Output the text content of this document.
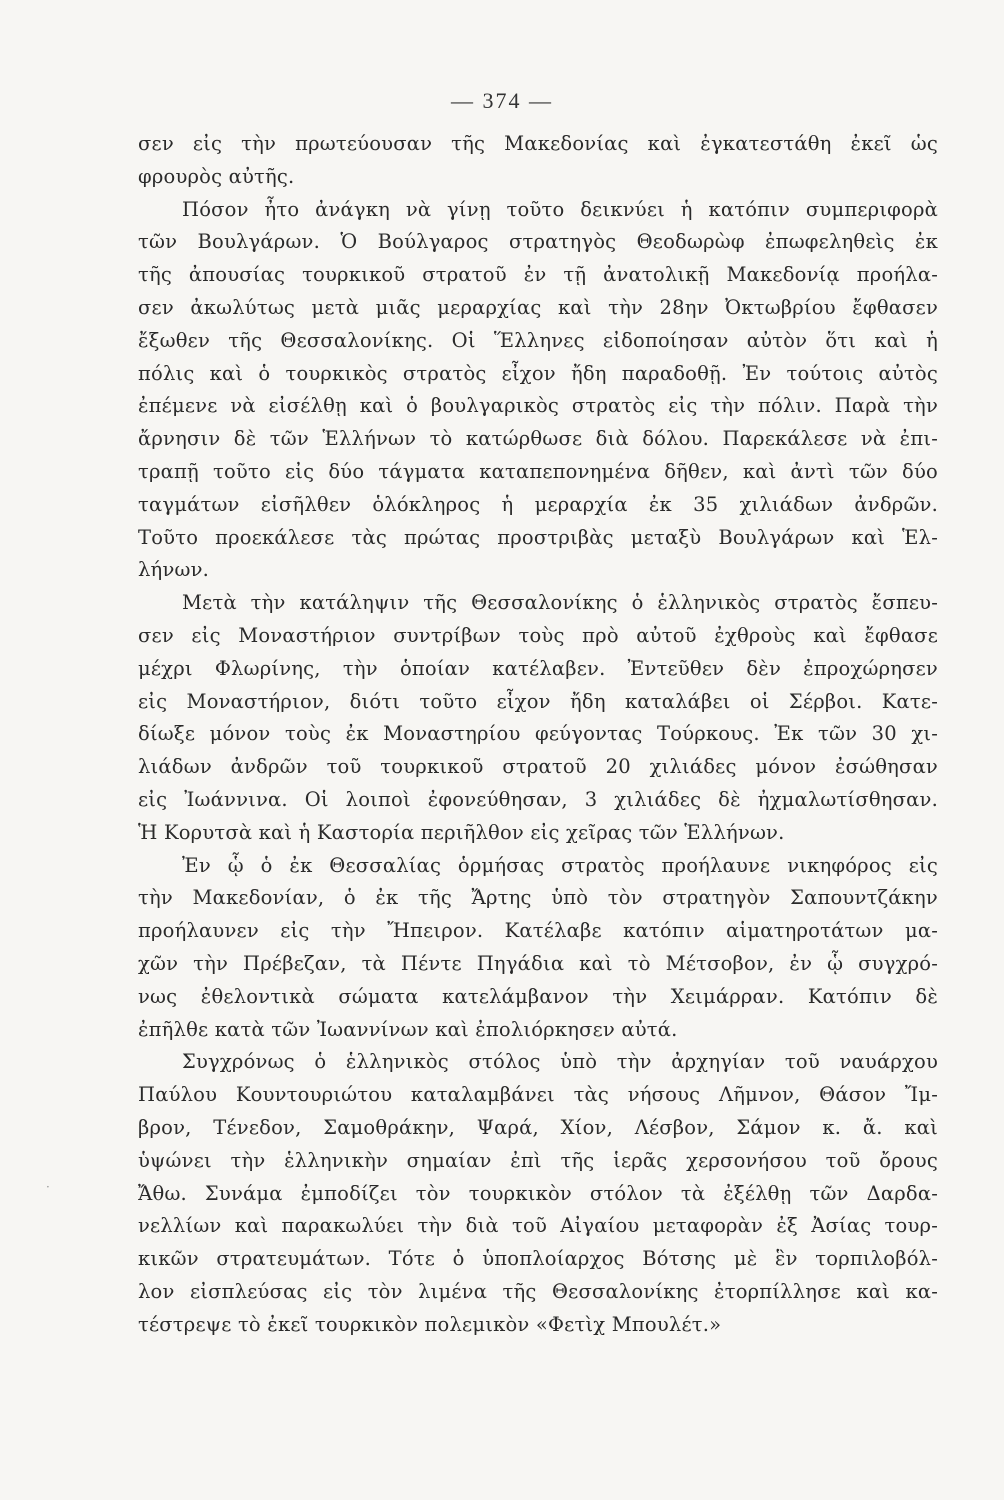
— 374 —
σεν εἰς τὴν πρωτεύουσαν τῆς Μακεδονίας καὶ ἐγκατεστάθη ἐκεῖ ὡς
φρουρὸς αὐτῆς.
Πόσον ἦτο ἀνάγκη νὰ γίνῃ τοῦτο δεικνύει ἡ κατόπιν συμπεριφορὰ
τῶν Βουλγάρων. Ὁ Βούλγαρος στρατηγὸς Θεοδωρὼφ ἐπωφεληθεὶς ἐκ
τῆς ἀπουσίας τουρκικοῦ στρατοῦ ἐν τῇ ἀνατολικῇ Μακεδονίᾳ προήλα-
σεν ἀκωλύτως μετὰ μιᾶς μεραρχίας καὶ τὴν 28ην Ὀκτωβρίου ἔφθασεν
ἔξωθεν τῆς Θεσσαλονίκης. Οἱ Ἕλληνες εἰδοποίησαν αὐτὸν ὅτι καὶ ἡ
πόλις καὶ ὁ τουρκικὸς στρατὸς εἶχον ἤδη παραδοθῇ. Ἐν τούτοις αὐτὸς
ἐπέμενε νὰ εἰσέλθῃ καὶ ὁ βουλγαρικὸς στρατὸς εἰς τὴν πόλιν. Παρὰ τὴν
ἄρνησιν δὲ τῶν Ἑλλήνων τὸ κατώρθωσε διὰ δόλου. Παρεκάλεσε νὰ ἐπι-
τραπῇ τοῦτο εἰς δύο τάγματα καταπεπονημένα δῆθεν, καὶ ἀντὶ τῶν δύο
ταγμάτων εἰσῆλθεν ὁλόκληρος ἡ μεραρχία ἐκ 35 χιλιάδων ἀνδρῶν.
Τοῦτο προεκάλεσε τὰς πρώτας προστριβὰς μεταξὺ Βουλγάρων καὶ Ἑλ-
λήνων.
Μετὰ τὴν κατάληψιν τῆς Θεσσαλονίκης ὁ ἑλληνικὸς στρατὸς ἔσπευ-
σεν εἰς Μοναστήριον συντρίβων τοὺς πρὸ αὐτοῦ ἐχθροὺς καὶ ἔφθασε
μέχρι Φλωρίνης, τὴν ὁποίαν κατέλαβεν. Ἐντεῦθεν δὲν ἐπροχώρησεν
εἰς Μοναστήριον, διότι τοῦτο εἶχον ἤδη καταλάβει οἱ Σέρβοι. Κατε-
δίωξε μόνον τοὺς ἐκ Μοναστηρίου φεύγοντας Τούρκους. Ἐκ τῶν 30 χι-
λιάδων ἀνδρῶν τοῦ τουρκικοῦ στρατοῦ 20 χιλιάδες μόνον ἐσώθησαν
εἰς Ἰωάννινα. Οἱ λοιποὶ ἐφονεύθησαν, 3 χιλιάδες δὲ ἠχμαλωτίσθησαν.
Ἡ Κορυτσὰ καὶ ἡ Καστορία περιῆλθον εἰς χεῖρας τῶν Ἑλλήνων.
Ἐν ᾧ ὁ ἐκ Θεσσαλίας ὁρμήσας στρατὸς προήλαυνε νικηφόρος εἰς
τὴν Μακεδονίαν, ὁ ἐκ τῆς Ἄρτης ὑπὸ τὸν στρατηγὸν Σαπουντζάκην
προήλαυνεν εἰς τὴν Ἤπειρον. Κατέλαβε κατόπιν αἱματηροτάτων μα-
χῶν τὴν Πρέβεζαν, τὰ Πέντε Πηγάδια καὶ τὸ Μέτσοβον, ἐν ᾧ συγχρό-
νως ἐθελοντικὰ σώματα κατελάμβανον τὴν Χειμάρραν. Κατόπιν δὲ
ἐπῆλθε κατὰ τῶν Ἰωαννίνων καὶ ἐπολιόρκησεν αὐτά.
Συγχρόνως ὁ ἑλληνικὸς στόλος ὑπὸ τὴν ἀρχηγίαν τοῦ ναυάρχου
Παύλου Κουντουριώτου καταλαμβάνει τὰς νήσους Λῆμνον, Θάσον Ἴμ-
βρον, Τένεδον, Σαμοθράκην, Ψαρά, Χίον, Λέσβον, Σάμον κ. ἄ. καὶ
ὑψώνει τὴν ἑλληνικὴν σημαίαν ἐπὶ τῆς ἱερᾶς χερσονήσου τοῦ ὄρους
Ἄθω. Συνάμα ἐμποδίζει τὸν τουρκικὸν στόλον τὰ ἐξέλθῃ τῶν Δαρδα-
νελλίων καὶ παρακωλύει τὴν διὰ τοῦ Αἰγαίου μεταφορὰν ἐξ Ἀσίας τουρ-
κικῶν στρατευμάτων. Τότε ὁ ὑποπλοίαρχος Βότσης μὲ ἓν τορπιλοβόλ-
λον εἰσπλεύσας εἰς τὸν λιμένα τῆς Θεσσαλονίκης ἐτορπίλλησε καὶ κα-
τέστρεψε τὸ ἐκεῖ τουρκικὸν πολεμικὸν «Φετὶχ Μπουλέτ.»
·
